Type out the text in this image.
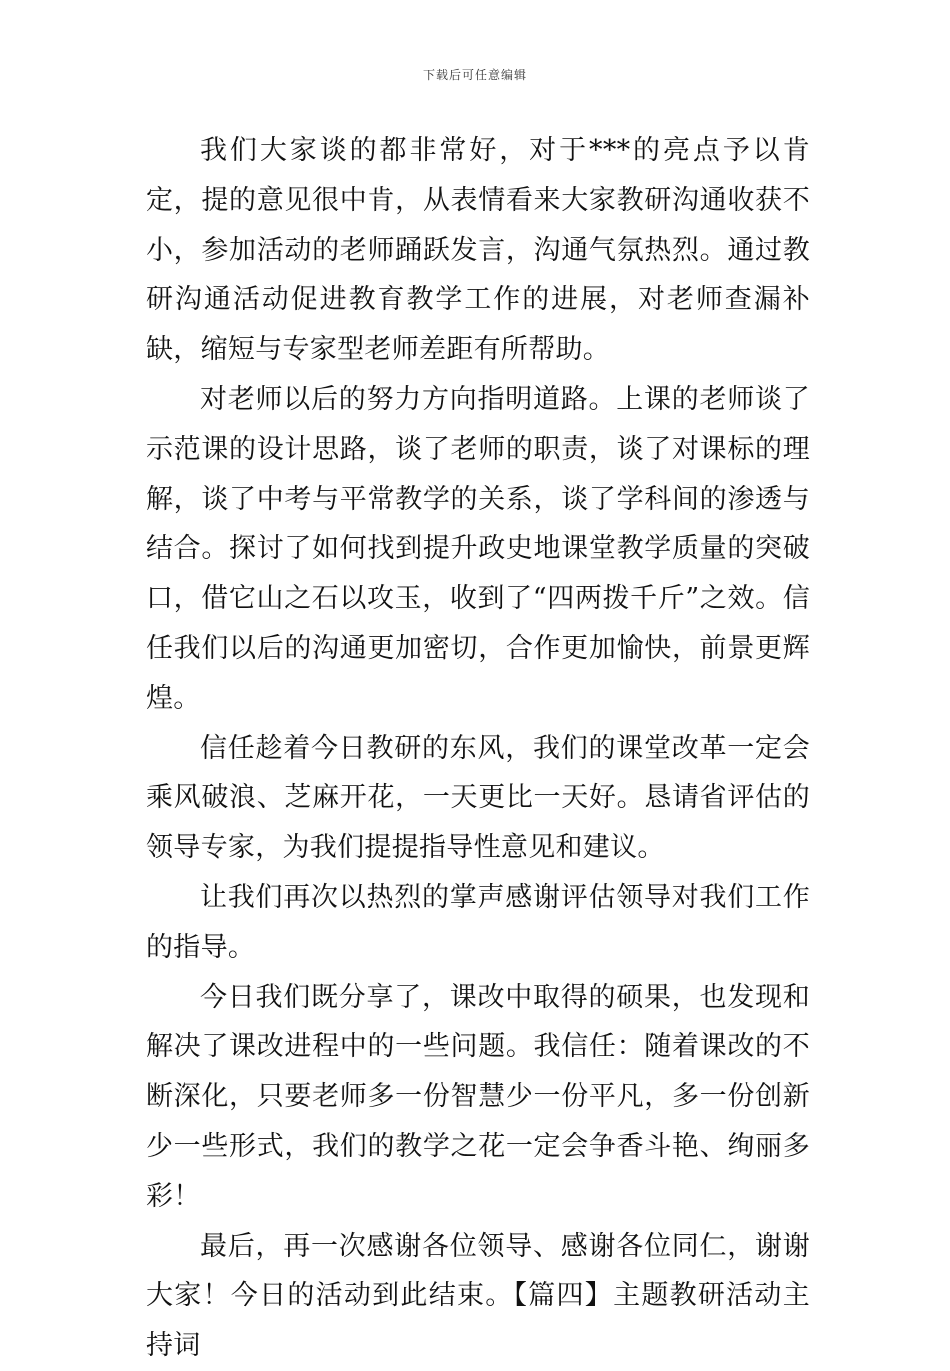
下载后可任意编辑

我们大家谈的都非常好，对于***的亮点予以肯定，提的意见很中肯，从表情看来大家教研沟通收获不小，参加活动的老师踊跃发言，沟通气氛热烈。通过教研沟通活动促进教育教学工作的进展，对老师查漏补缺，缩短与专家型老师差距有所帮助。

对老师以后的努力方向指明道路。上课的老师谈了示范课的设计思路，谈了老师的职责，谈了对课标的理解，谈了中考与平常教学的关系，谈了学科间的渗透与结合。探讨了如何找到提升政史地课堂教学质量的突破口，借它山之石以攻玉，收到了“四两拨千斤”之效。信任我们以后的沟通更加密切，合作更加愉快，前景更辉煌。

信任趁着今日教研的东风，我们的课堂改革一定会乘风破浪、芝麻开花，一天更比一天好。恳请省评估的领导专家，为我们提提指导性意见和建议。

让我们再次以热烈的掌声感谢评估领导对我们工作的指导。

今日我们既分享了，课改中取得的硕果，也发现和解决了课改进程中的一些问题。我信任：随着课改的不断深化，只要老师多一份智慧少一份平凡，多一份创新少一些形式，我们的教学之花一定会争香斗艳、绚丽多彩！

最后，再一次感谢各位领导、感谢各位同仁，谢谢大家！今日的活动到此结束。【篇四】主题教研活动主持词
